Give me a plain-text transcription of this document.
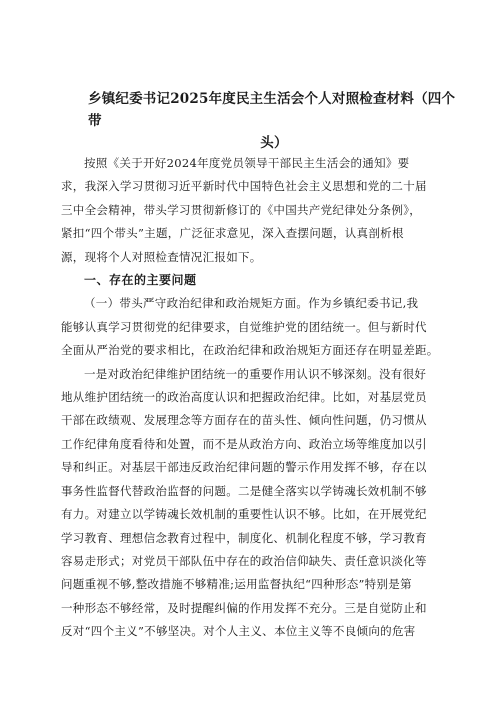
乡镇纪委书记2025年度民主生活会个人对照检查材料（四个带
头）

按照《关于开好2024年度党员领导干部民主生活会的通知》要
求，我深入学习贯彻习近平新时代中国特色社会主义思想和党的二十届
三中全会精神，带头学习贯彻新修订的《中国共产党纪律处分条例》，
紧扣“四个带头”主题，广泛征求意见，深入查摆问题，认真剖析根
源，现将个人对照检查情况汇报如下。

一、存在的主要问题

（一）带头严守政治纪律和政治规矩方面。作为乡镇纪委书记,我
能够认真学习贯彻党的纪律要求，自觉维护党的团结统一。但与新时代
全面从严治党的要求相比，在政治纪律和政治规矩方面还存在明显差距。

一是对政治纪律维护团结统一的重要作用认识不够深刻。没有很好
地从维护团结统一的政治高度认识和把握政治纪律。比如，对基层党员
干部在政绩观、发展理念等方面存在的苗头性、倾向性问题，仍习惯从
工作纪律角度看待和处置，而不是从政治方向、政治立场等维度加以引
导和纠正。对基层干部违反政治纪律问题的警示作用发挥不够，存在以
事务性监督代替政治监督的问题。二是健全落实以学铸魂长效机制不够
有力。对建立以学铸魂长效机制的重要性认识不够。比如，在开展党纪
学习教育、理想信念教育过程中，制度化、机制化程度不够，学习教育
容易走形式；对党员干部队伍中存在的政治信仰缺失、责任意识淡化等
问题重视不够,整改措施不够精准;运用监督执纪“四种形态”特别是第
一种形态不够经常，及时提醒纠偏的作用发挥不充分。三是自觉防止和
反对“四个主义”不够坚决。对个人主义、本位主义等不良倾向的危害
